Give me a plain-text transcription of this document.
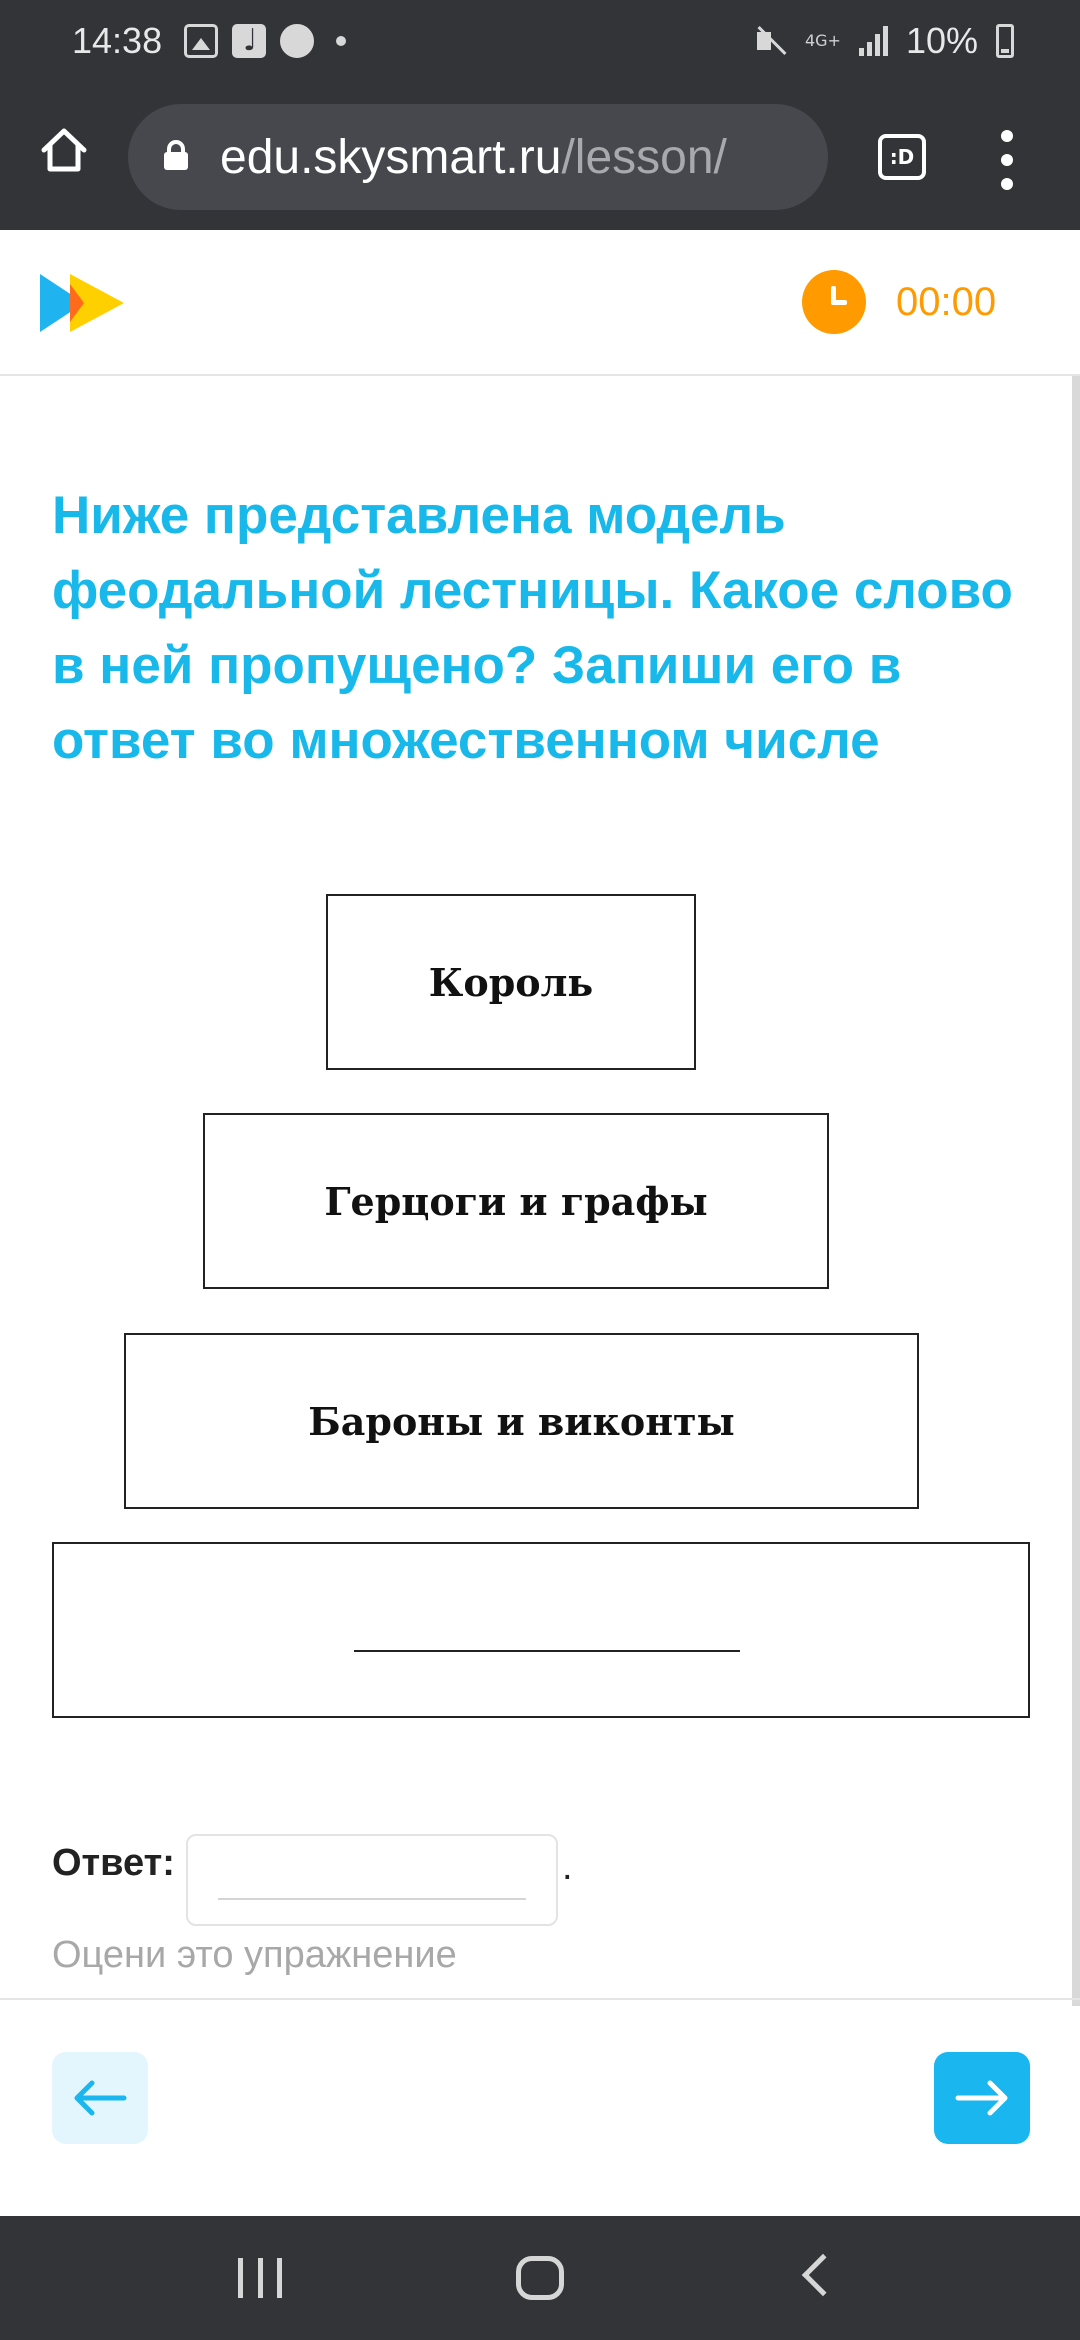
14:38
♩	4G+ 10%
edu.skysmart.ru/lesson/	:D
00:00
Ниже представлена модель феодальной лестницы. Какое слово в ней пропущено? Запиши его в ответ во множественном числе
Король
Герцоги и графы
Бароны и виконты
Ответ:	.
Оцени это упражнение
